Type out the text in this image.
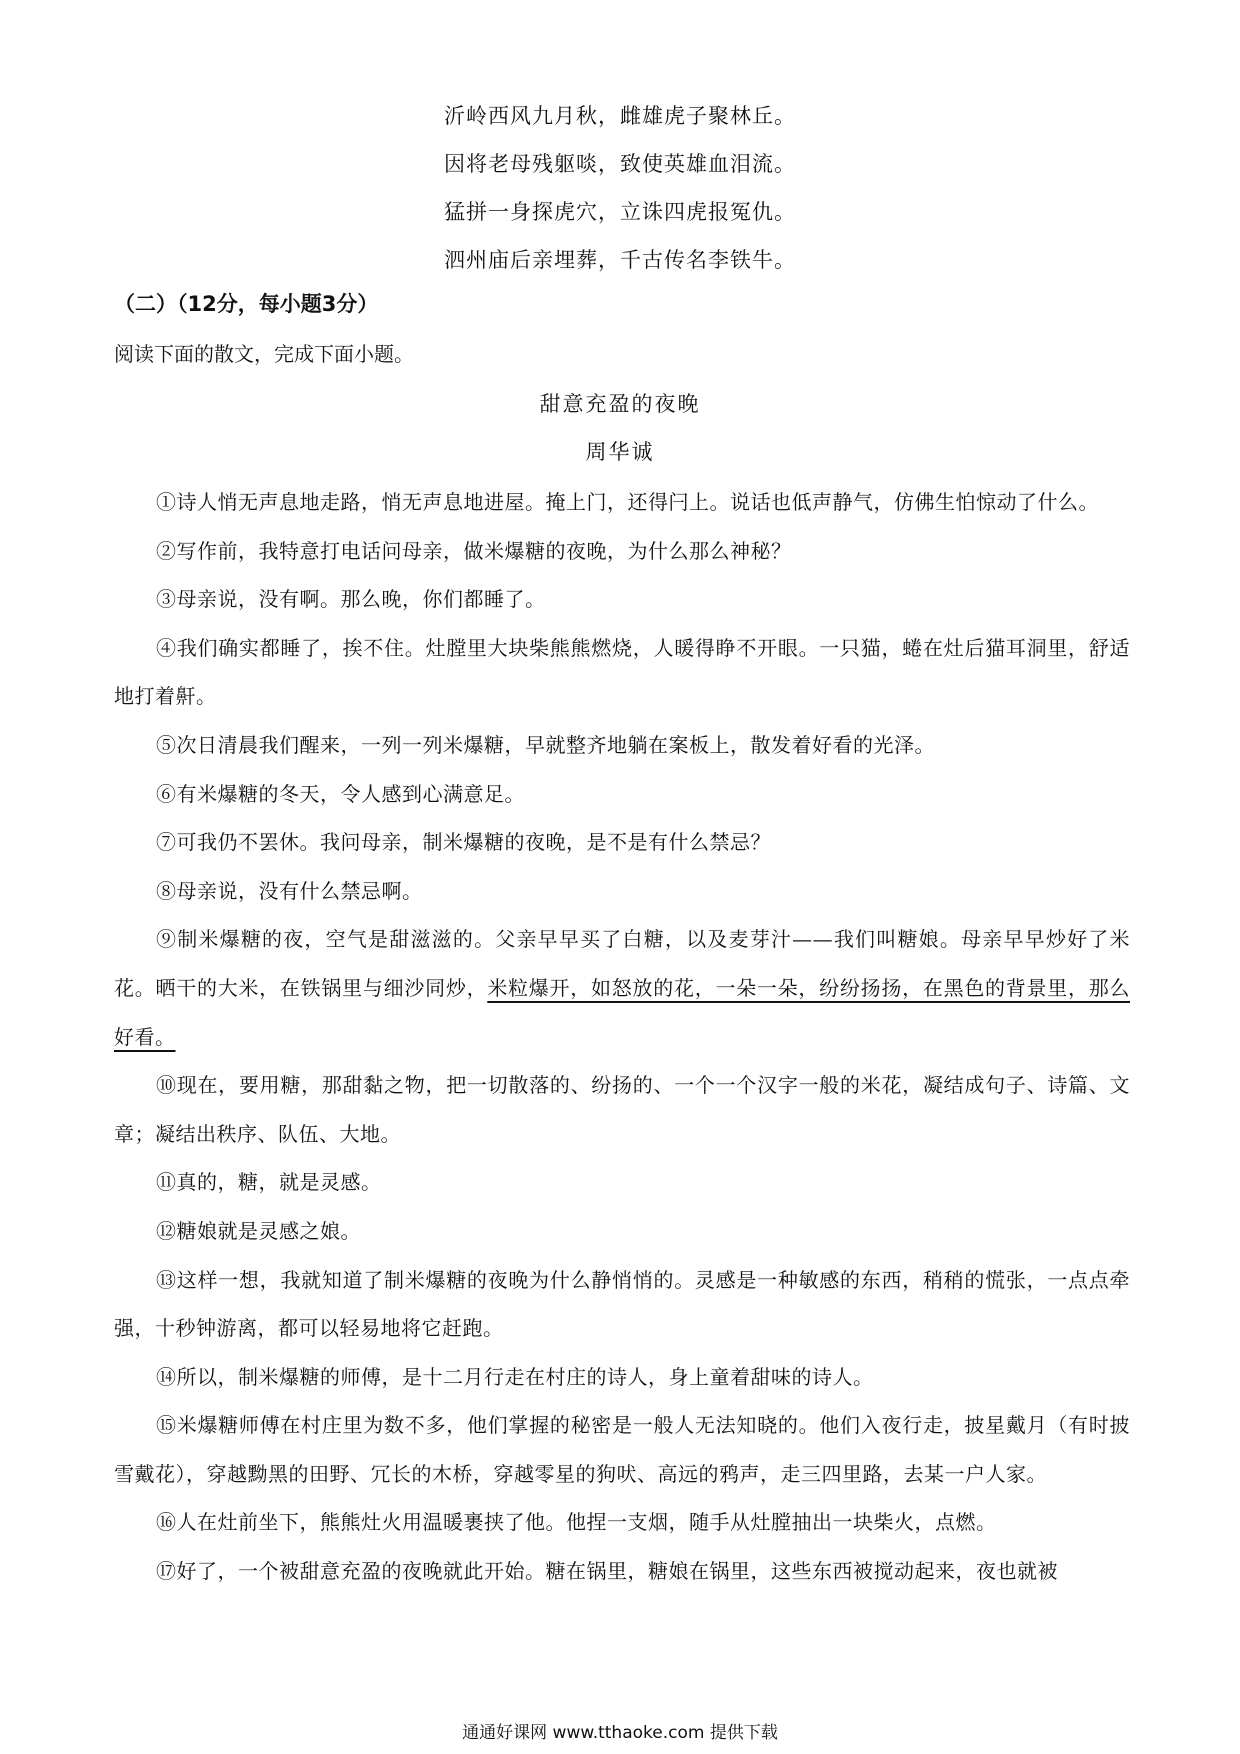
沂岭西风九月秋，雌雄虎子聚林丘。
因将老母残躯啖，致使英雄血泪流。
猛拼一身探虎穴，立诛四虎报冤仇。
泗州庙后亲埋葬，千古传名李铁牛。
（二）（12分，每小题3分）
阅读下面的散文，完成下面小题。
甜意充盈的夜晚
周华诚
①诗人悄无声息地走路，悄无声息地进屋。掩上门，还得闩上。说话也低声静气，仿佛生怕惊动了什么。
②写作前，我特意打电话问母亲，做米爆糖的夜晚，为什么那么神秘？
③母亲说，没有啊。那么晚，你们都睡了。
④我们确实都睡了，挨不住。灶膛里大块柴熊熊燃烧，人暖得睁不开眼。一只猫，蜷在灶后猫耳洞里，舒适地打着鼾。
⑤次日清晨我们醒来，一列一列米爆糖，早就整齐地躺在案板上，散发着好看的光泽。
⑥有米爆糖的冬天，令人感到心满意足。
⑦可我仍不罢休。我问母亲，制米爆糖的夜晚，是不是有什么禁忌？
⑧母亲说，没有什么禁忌啊。
⑨制米爆糖的夜，空气是甜滋滋的。父亲早早买了白糖，以及麦芽汁——我们叫糖娘。母亲早早炒好了米花。晒干的大米，在铁锅里与细沙同炒，米粒爆开，如怒放的花，一朵一朵，纷纷扬扬，在黑色的背景里，那么好看。
⑩现在，要用糖，那甜黏之物，把一切散落的、纷扬的、一个一个汉字一般的米花，凝结成句子、诗篇、文章；凝结出秩序、队伍、大地。
⑪真的，糖，就是灵感。
⑫糖娘就是灵感之娘。
⑬这样一想，我就知道了制米爆糖的夜晚为什么静悄悄的。灵感是一种敏感的东西，稍稍的慌张，一点点牵强，十秒钟游离，都可以轻易地将它赶跑。
⑭所以，制米爆糖的师傅，是十二月行走在村庄的诗人，身上童着甜味的诗人。
⑮米爆糖师傅在村庄里为数不多，他们掌握的秘密是一般人无法知晓的。他们入夜行走，披星戴月（有时披雪戴花），穿越黝黑的田野、冗长的木桥，穿越零星的狗吠、高远的鸦声，走三四里路，去某一户人家。
⑯人在灶前坐下，熊熊灶火用温暖裹挟了他。他捏一支烟，随手从灶膛抽出一块柴火，点燃。
⑰好了，一个被甜意充盈的夜晚就此开始。糖在锅里，糖娘在锅里，这些东西被搅动起来，夜也就被
通通好课网 www.tthaoke.com 提供下载
